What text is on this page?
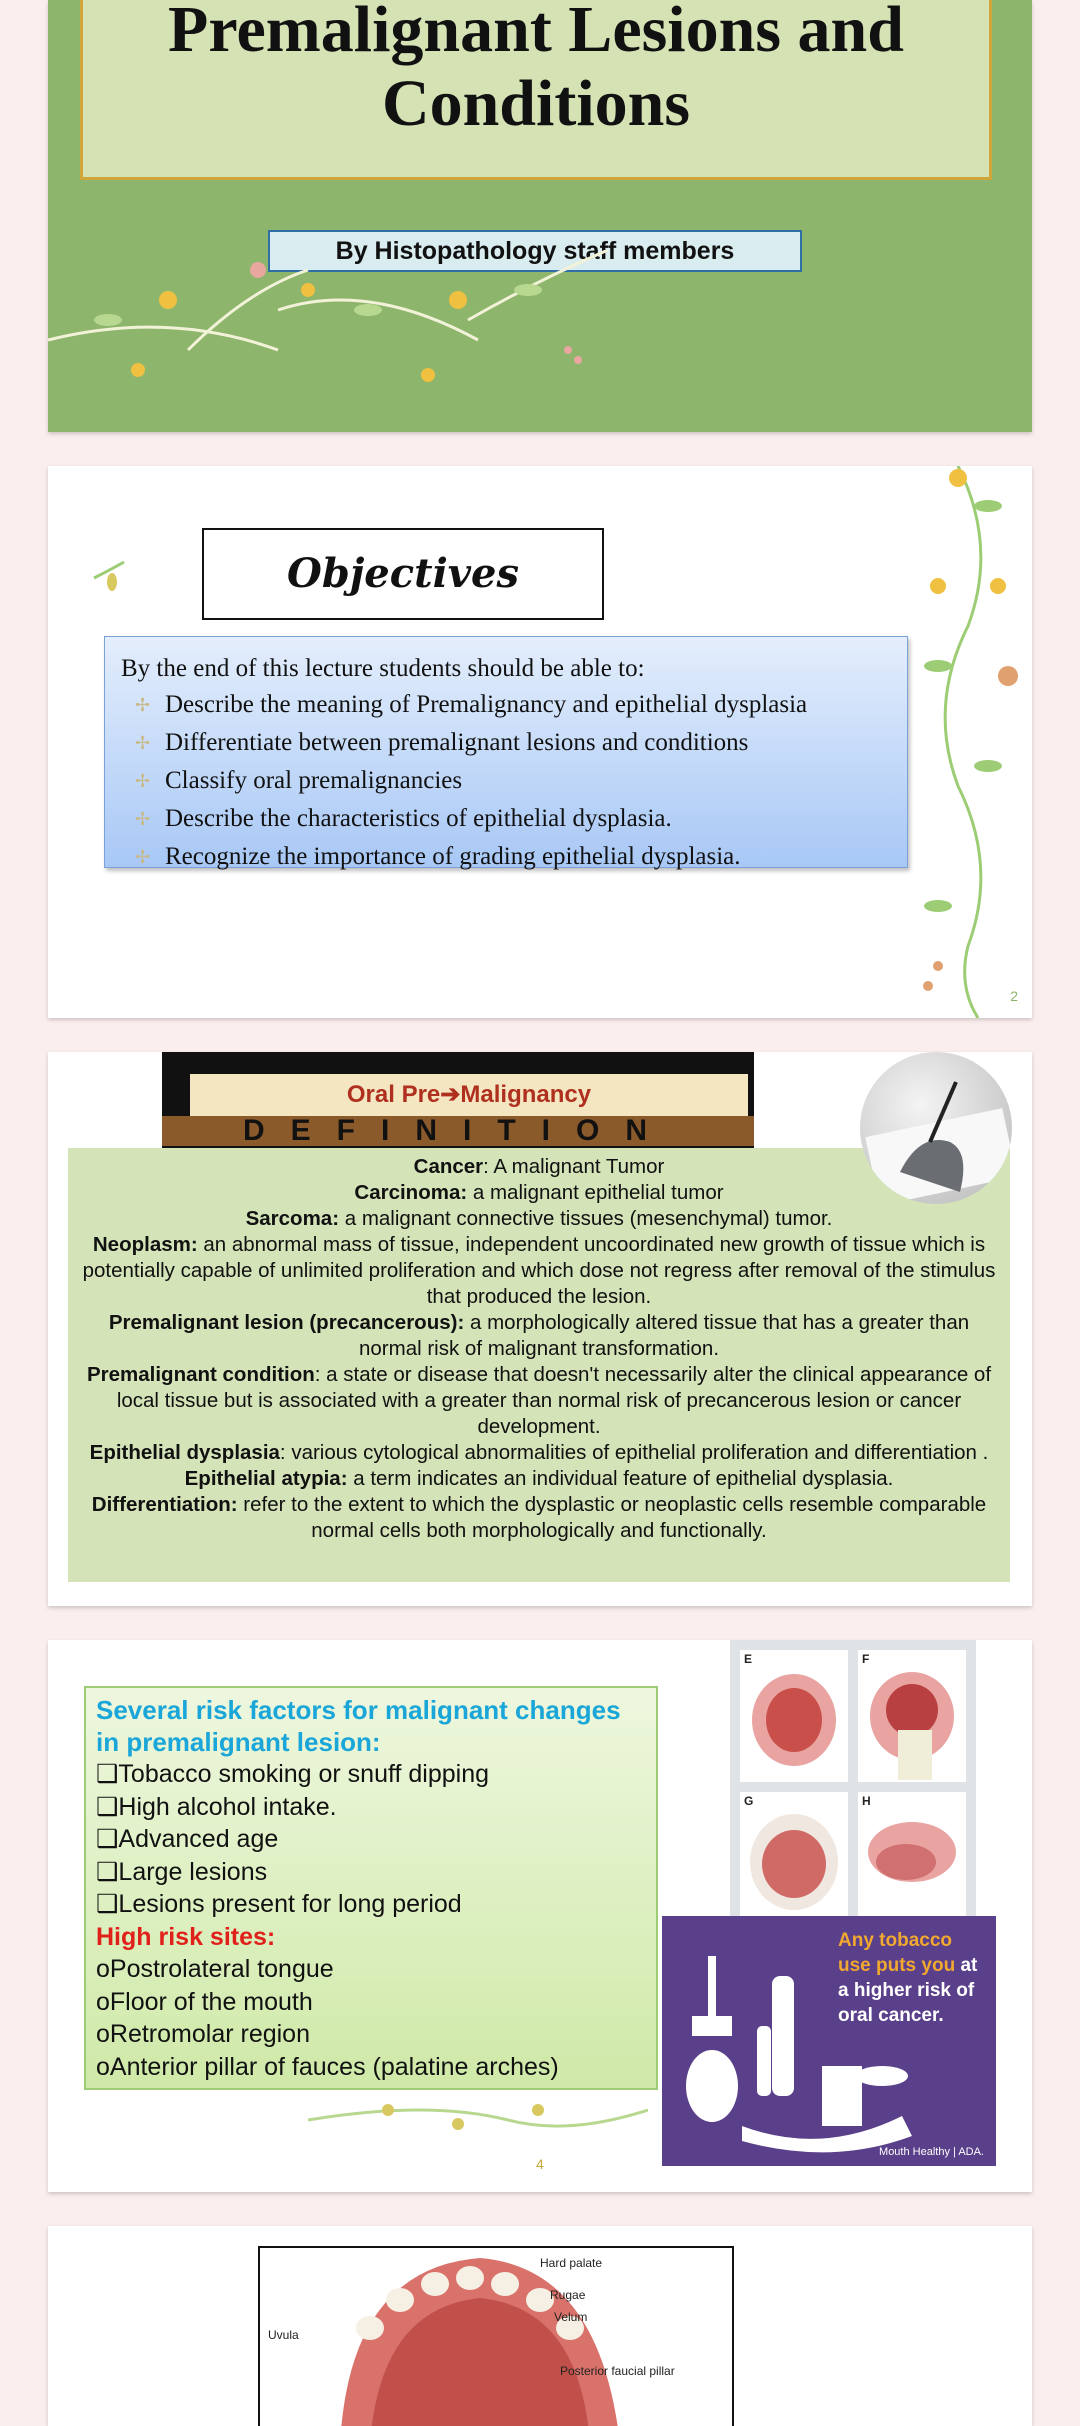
Premalignant Lesions and

Conditions

By Histopathology staff members
Objectives

By the end of this lecture students should be able to:

✢ Describe the meaning of Premalignancy and epithelial dysplasia
✢ Differentiate between premalignant lesions and conditions
✢ Classify oral premalignancies
✢ Describe the characteristics of epithelial dysplasia.
✢ Recognize the importance of grading epithelial dysplasia.
2
Oral Pre➔Malignancy
DEFINITION

Cancer: A malignant Tumor

Carcinoma: a malignant epithelial tumor

Sarcoma: a malignant connective tissues (mesenchymal) tumor.

Neoplasm: an abnormal mass of tissue, independent uncoordinated new growth of tissue which is potentially capable of unlimited proliferation and which dose not regress after removal of the stimulus that produced the lesion.

Premalignant lesion (precancerous): a morphologically altered tissue that has a greater than normal risk of malignant transformation.

Premalignant condition: a state or disease that doesn't necessarily alter the clinical appearance of local tissue but is associated with a greater than normal risk of precancerous lesion or cancer development.

Epithelial dysplasia: various cytological abnormalities of epithelial proliferation and differentiation .

Epithelial atypia: a term indicates an individual feature of epithelial dysplasia.

Differentiation: refer to the extent to which the dysplastic or neoplastic cells resemble comparable normal cells both morphologically and functionally.

Several risk factors for malignant changes in premalignant lesion:

❑Tobacco smoking or snuff dipping

❑High alcohol intake.

❑Advanced age

❑Large lesions

❑Lesions present for long period

High risk sites:

oPostrolateral tongue

oFloor of the mouth

oRetromolar region

oAnterior pillar of fauces (palatine arches)

E	F
G	H
Any tobacco use puts you at a higher risk of oral cancer.
Mouth Healthy | ADA.
4
Hard palate
Rugae
Velum
Uvula
Posterior faucial pillar
